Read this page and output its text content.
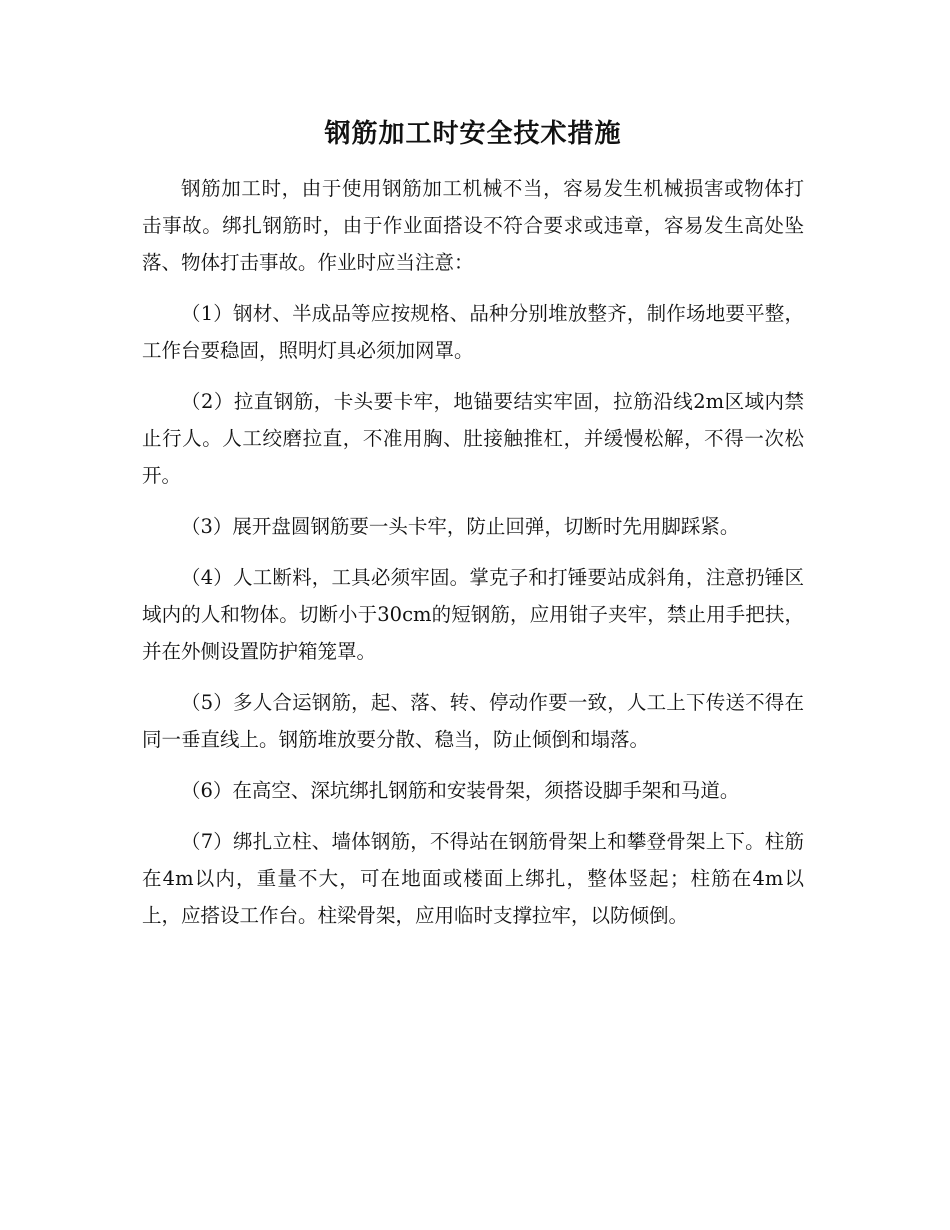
钢筋加工时安全技术措施

钢筋加工时，由于使用钢筋加工机械不当，容易发生机械损害或物体打击事故。绑扎钢筋时，由于作业面搭设不符合要求或违章，容易发生高处坠落、物体打击事故。作业时应当注意：

（1）钢材、半成品等应按规格、品种分别堆放整齐，制作场地要平整，工作台要稳固，照明灯具必须加网罩。

（2）拉直钢筋，卡头要卡牢，地锚要结实牢固，拉筋沿线2m区域内禁止行人。人工绞磨拉直，不准用胸、肚接触推杠，并缓慢松解，不得一次松开。

（3）展开盘圆钢筋要一头卡牢，防止回弹，切断时先用脚踩紧。

（4）人工断料，工具必须牢固。掌克子和打锤要站成斜角，注意扔锤区域内的人和物体。切断小于30cm的短钢筋，应用钳子夹牢，禁止用手把扶，并在外侧设置防护箱笼罩。

（5）多人合运钢筋，起、落、转、停动作要一致，人工上下传送不得在同一垂直线上。钢筋堆放要分散、稳当，防止倾倒和塌落。

（6）在高空、深坑绑扎钢筋和安装骨架，须搭设脚手架和马道。

（7）绑扎立柱、墙体钢筋，不得站在钢筋骨架上和攀登骨架上下。柱筋在4m以内，重量不大，可在地面或楼面上绑扎，整体竖起；柱筋在4m以上，应搭设工作台。柱梁骨架，应用临时支撑拉牢，以防倾倒。
